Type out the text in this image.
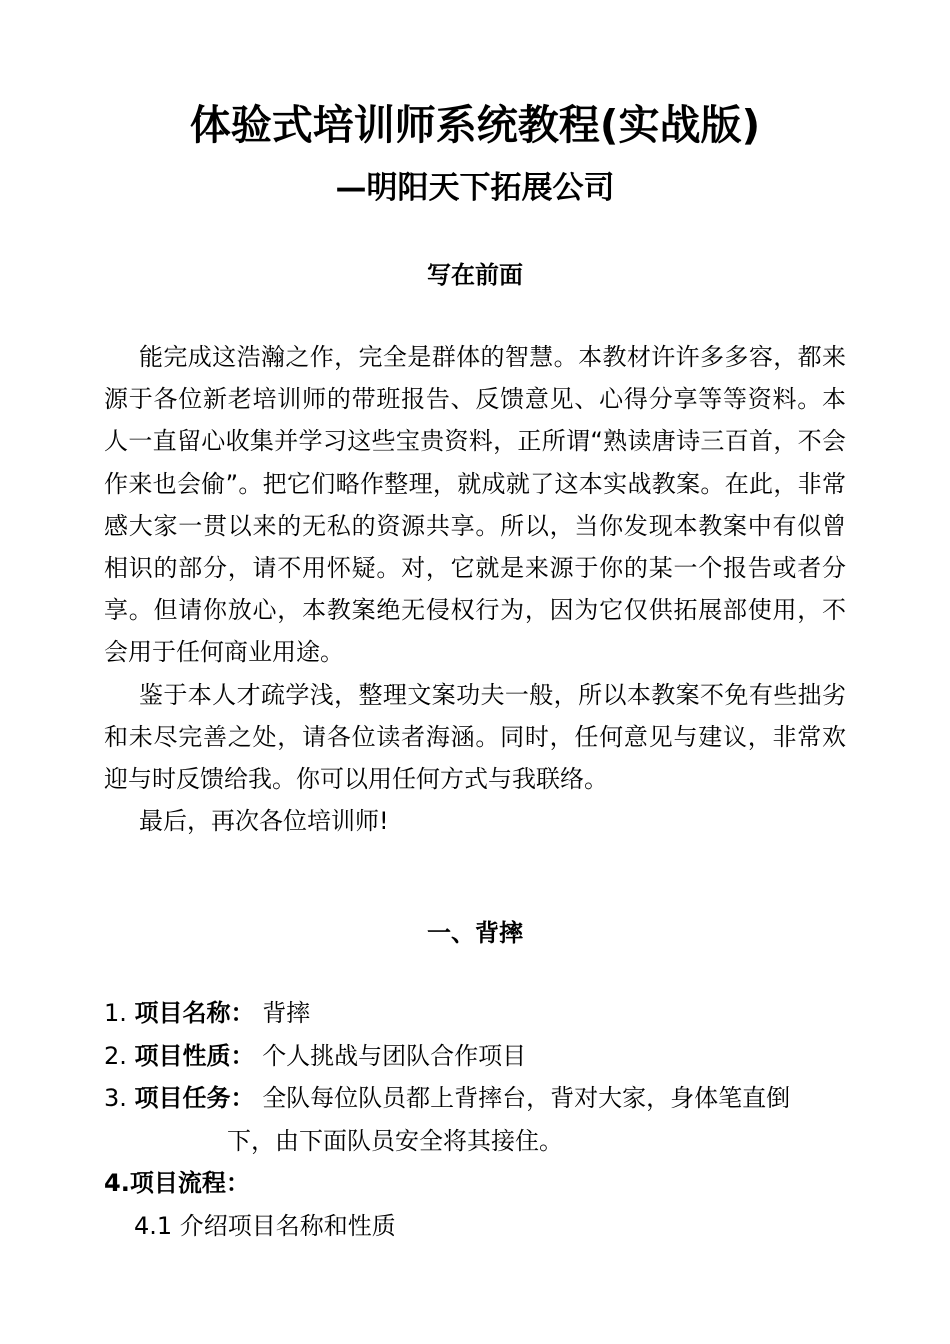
体验式培训师系统教程(实战版)
—明阳天下拓展公司
写在前面

能完成这浩瀚之作，完全是群体的智慧。本教材许许多多容，都来源于各位新老培训师的带班报告、反馈意见、心得分享等等资料。本人一直留心收集并学习这些宝贵资料，正所谓“熟读唐诗三百首，不会作来也会偷”。把它们略作整理，就成就了这本实战教案。在此，非常感大家一贯以来的无私的资源共享。所以，当你发现本教案中有似曾相识的部分，请不用怀疑。对，它就是来源于你的某一个报告或者分享。但请你放心，本教案绝无侵权行为，因为它仅供拓展部使用，不会用于任何商业用途。

鉴于本人才疏学浅，整理文案功夫一般，所以本教案不免有些拙劣和未尽完善之处，请各位读者海涵。同时，任何意见与建议，非常欢迎与时反馈给我。你可以用任何方式与我联络。

最后，再次各位培训师!

一、背摔
1. 项目名称： 背摔
2. 项目性质： 个人挑战与团队合作项目
3. 项目任务： 全队每位队员都上背摔台，背对大家，身体笔直倒
下，由下面队员安全将其接住。
4.项目流程：
4.1 介绍项目名称和性质
